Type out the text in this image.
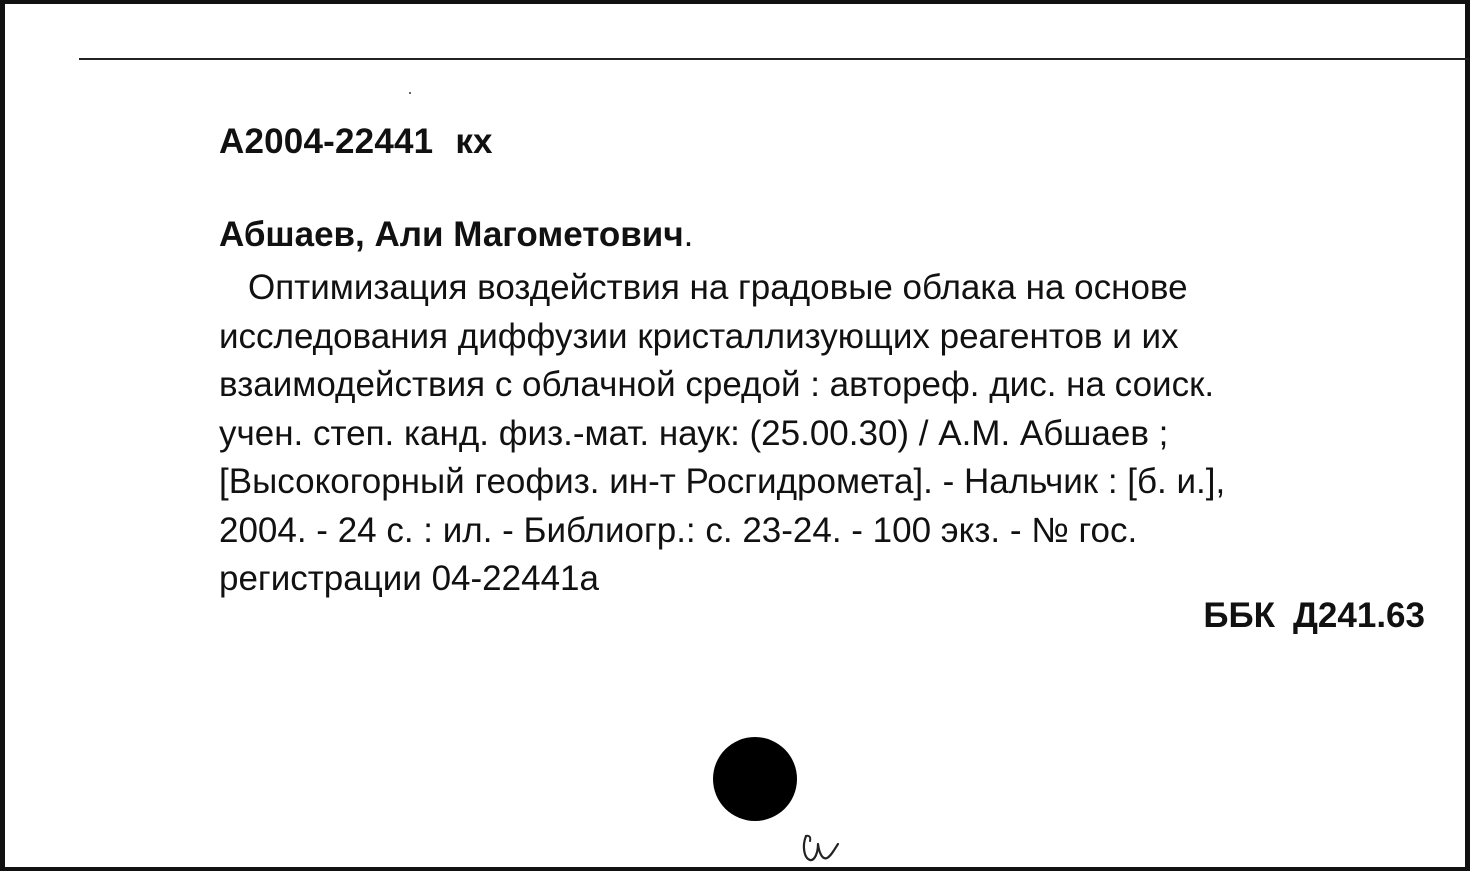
A2004-22441 кх
Абшаев, Али Магометович.
Оптимизация воздействия на градовые облака на основе
исследования диффузии кристаллизующих реагентов и их
взаимодействия с облачной средой : автореф. дис. на соиск.
учен. степ. канд. физ.-мат. наук: (25.00.30) / А.М. Абшаев ;
[Высокогорный геофиз. ин-т Росгидромета]. - Нальчик : [б. и.],
2004. - 24 с. : ил. - Библиогр.: с. 23-24. - 100 экз. - № гос.
регистрации 04-22441а
ББК Д241.63
